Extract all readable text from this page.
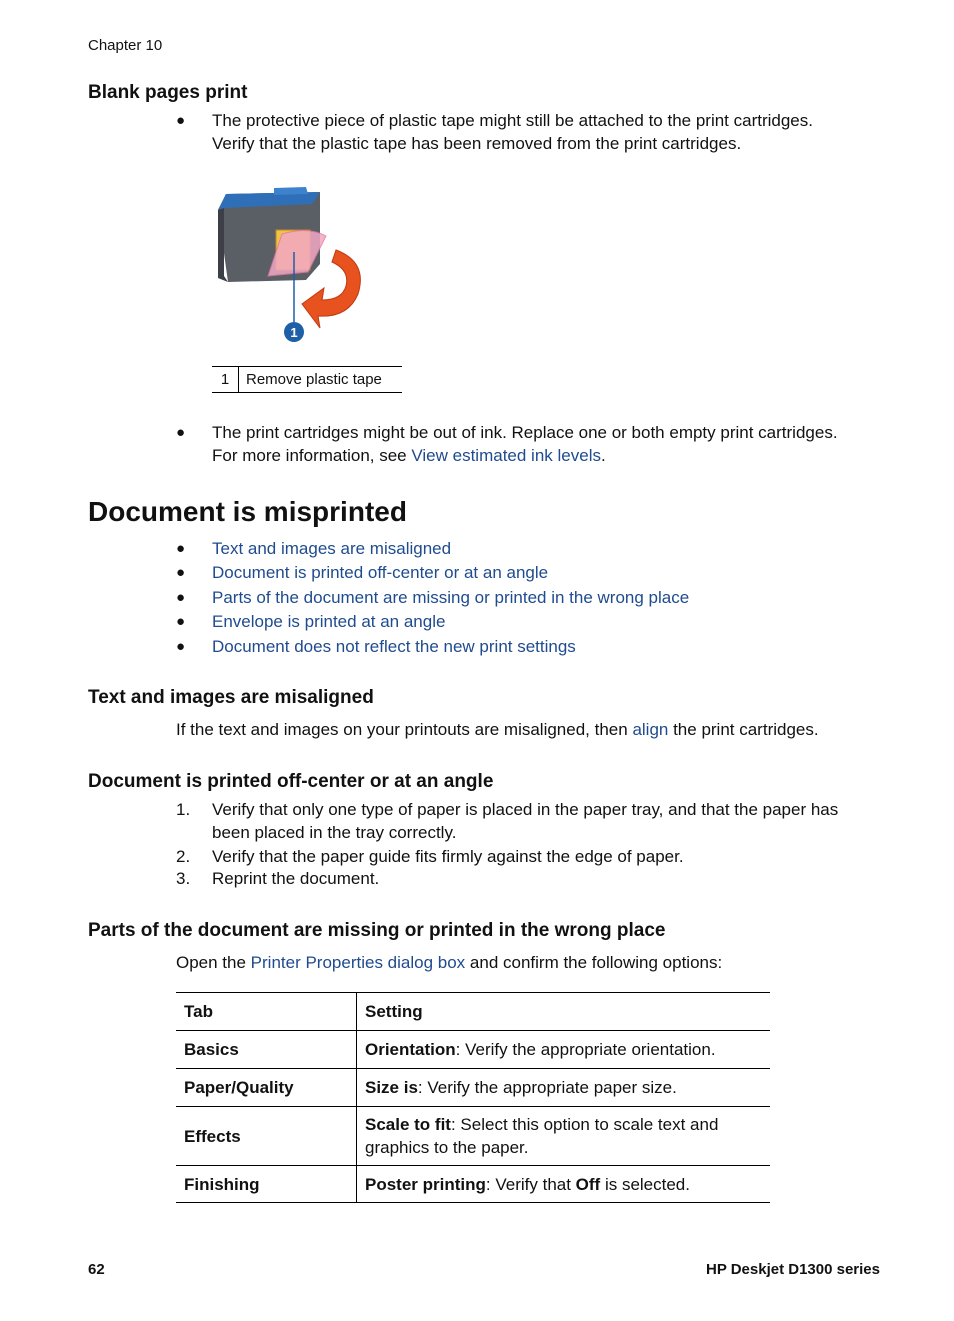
Chapter 10
Blank pages print
● The protective piece of plastic tape might still be attached to the print cartridges.
Verify that the plastic tape has been removed from the print cartridges.
1
1	Remove plastic tape
● The print cartridges might be out of ink. Replace one or both empty print cartridges.
For more information, see View estimated ink levels.
Document is misprinted
● Text and images are misaligned
● Document is printed off-center or at an angle
● Parts of the document are missing or printed in the wrong place
● Envelope is printed at an angle
● Document does not reflect the new print settings
Text and images are misaligned
If the text and images on your printouts are misaligned, then align the print cartridges.
Document is printed off-center or at an angle
1. Verify that only one type of paper is placed in the paper tray, and that the paper has
been placed in the tray correctly.
2. Verify that the paper guide fits firmly against the edge of paper.
3. Reprint the document.
Parts of the document are missing or printed in the wrong place
Open the Printer Properties dialog box and confirm the following options:
Tab	Setting
Basics	Orientation: Verify the appropriate orientation.
Paper/Quality	Size is: Verify the appropriate paper size.
Effects	Scale to fit: Select this option to scale text and
graphics to the paper.
Finishing	Poster printing: Verify that Off is selected.
62	HP Deskjet D1300 series
